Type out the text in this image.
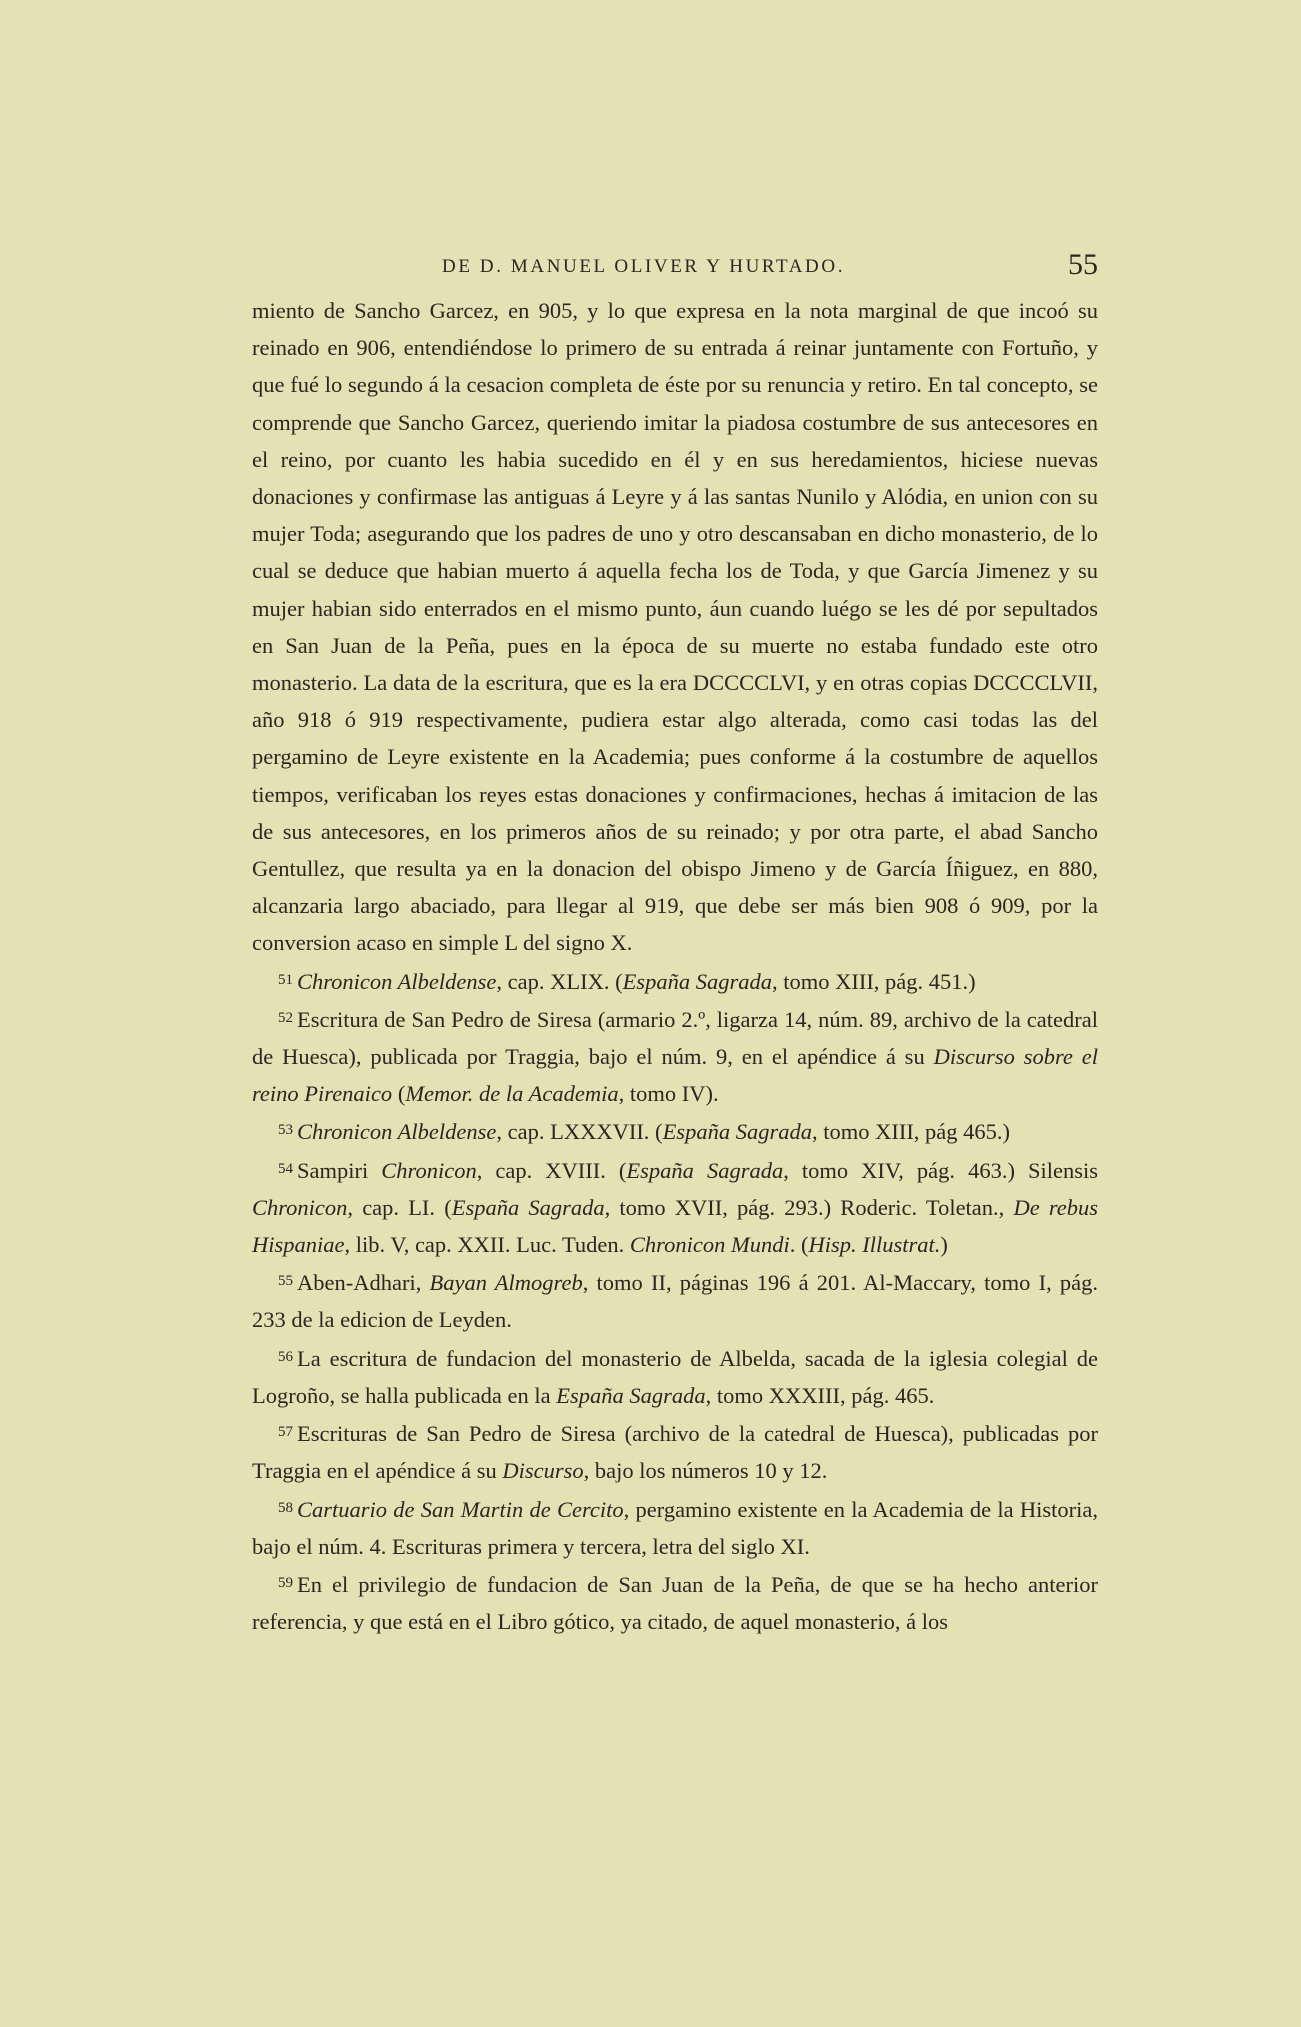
DE D. MANUEL OLIVER Y HURTADO.	55

miento de Sancho Garcez, en 905, y lo que expresa en la nota marginal de que incoó su reinado en 906, entendiéndose lo primero de su entrada á reinar juntamente con Fortuño, y que fué lo segundo á la cesacion completa de éste por su renuncia y retiro. En tal concepto, se comprende que Sancho Garcez, queriendo imitar la piadosa costumbre de sus antecesores en el reino, por cuanto les habia sucedido en él y en sus heredamientos, hiciese nuevas donaciones y confirmase las antiguas á Leyre y á las santas Nunilo y Alódia, en union con su mujer Toda; asegurando que los padres de uno y otro descansaban en dicho monasterio, de lo cual se deduce que habian muerto á aquella fecha los de Toda, y que García Jimenez y su mujer habian sido enterrados en el mismo punto, áun cuando luégo se les dé por sepultados en San Juan de la Peña, pues en la época de su muerte no estaba fundado este otro monasterio. La data de la escritura, que es la era DCCCCLVI, y en otras copias DCCCCLVII, año 918 ó 919 respectivamente, pudiera estar algo alterada, como casi todas las del pergamino de Leyre existente en la Academia; pues conforme á la costumbre de aquellos tiempos, verificaban los reyes estas donaciones y confirmaciones, hechas á imitacion de las de sus antecesores, en los primeros años de su reinado; y por otra parte, el abad Sancho Gentullez, que resulta ya en la donacion del obispo Jimeno y de García Íñiguez, en 880, alcanzaria largo abaciado, para llegar al 919, que debe ser más bien 908 ó 909, por la conversion acaso en simple L del signo X.

$^{51}$ Chronicon Albeldense, cap. XLIX. (España Sagrada, tomo XIII, pág. 451.)

$^{52}$ Escritura de San Pedro de Siresa (armario 2.º, ligarza 14, núm. 89, archivo de la catedral de Huesca), publicada por Traggia, bajo el núm. 9, en el apéndice á su Discurso sobre el reino Pirenaico (Memor. de la Academia, tomo IV).

$^{53}$ Chronicon Albeldense, cap. LXXXVII. (España Sagrada, tomo XIII, pág 465.)

$^{54}$ Sampiri Chronicon, cap. XVIII. (España Sagrada, tomo XIV, pág. 463.) Silensis Chronicon, cap. LI. (España Sagrada, tomo XVII, pág. 293.) Roderic. Toletan., De rebus Hispaniae, lib. V, cap. XXII. Luc. Tuden. Chronicon Mundi. (Hisp. Illustrat.)

$^{55}$ Aben-Adhari, Bayan Almogreb, tomo II, páginas 196 á 201. Al-Maccary, tomo I, pág. 233 de la edicion de Leyden.

$^{56}$ La escritura de fundacion del monasterio de Albelda, sacada de la iglesia colegial de Logroño, se halla publicada en la España Sagrada, tomo XXXIII, pág. 465.

$^{57}$ Escrituras de San Pedro de Siresa (archivo de la catedral de Huesca), publicadas por Traggia en el apéndice á su Discurso, bajo los números 10 y 12.

$^{58}$ Cartuario de San Martin de Cercito, pergamino existente en la Academia de la Historia, bajo el núm. 4. Escrituras primera y tercera, letra del siglo XI.

$^{59}$ En el privilegio de fundacion de San Juan de la Peña, de que se ha hecho anterior referencia, y que está en el Libro gótico, ya citado, de aquel monasterio, á los
